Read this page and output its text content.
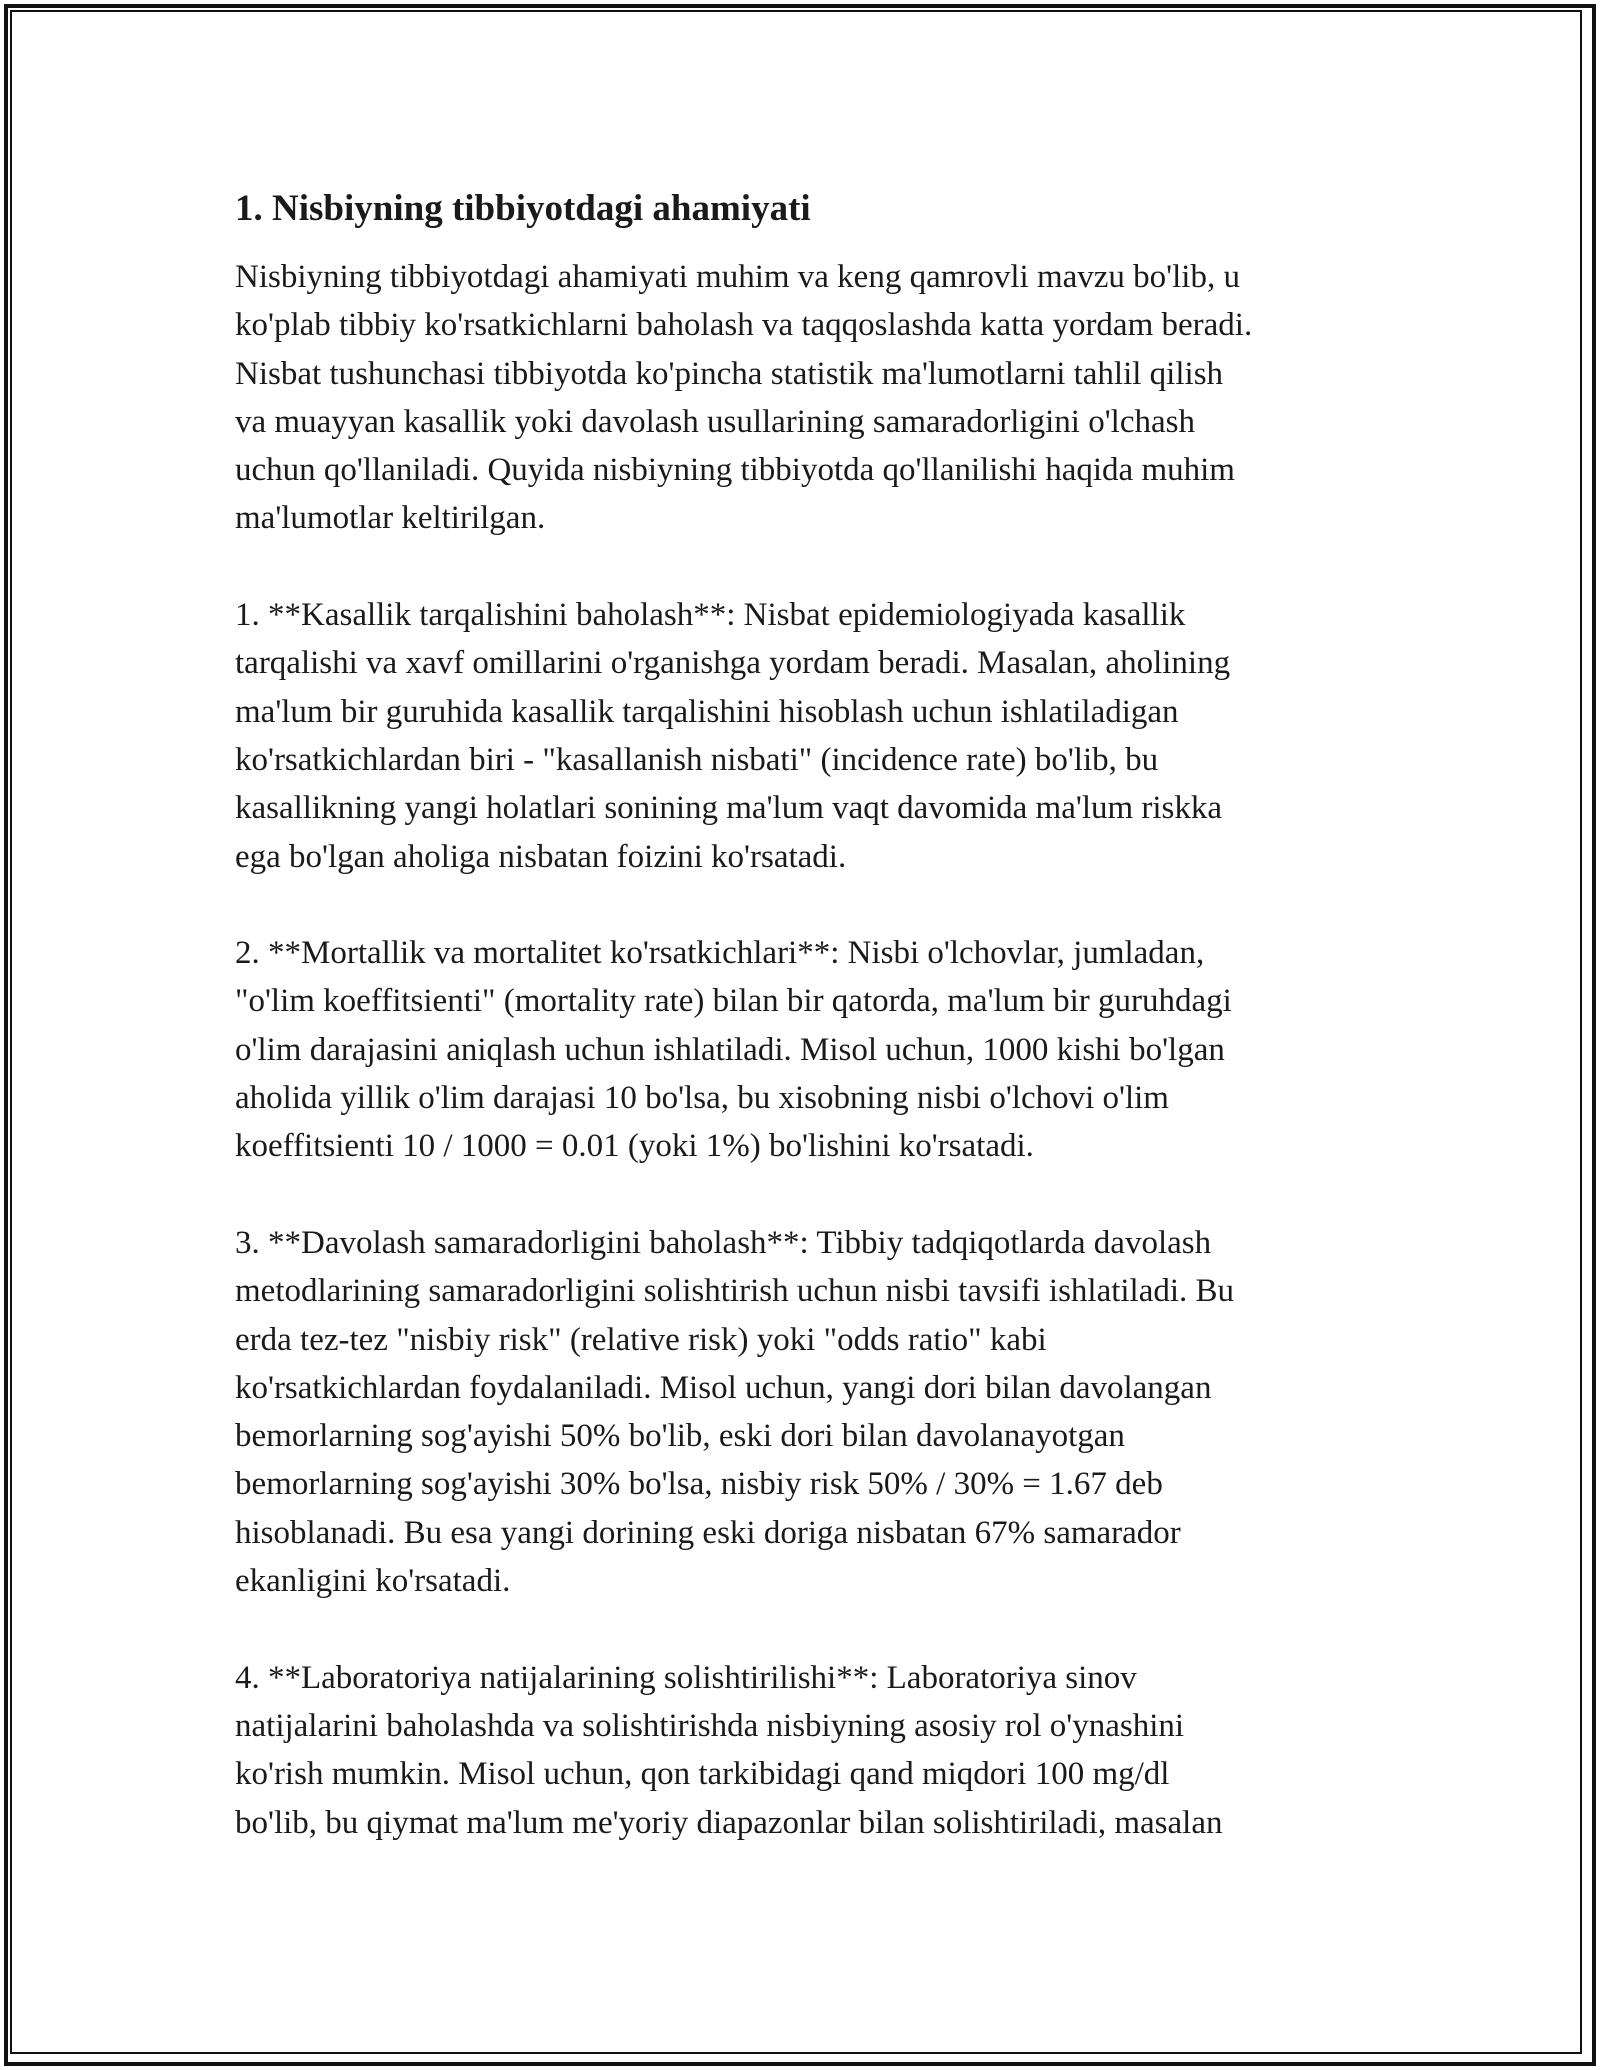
1. Nisbiyning tibbiyotdagi ahamiyati
Nisbiyning tibbiyotdagi ahamiyati muhim va keng qamrovli mavzu bo'lib, u
ko'plab tibbiy ko'rsatkichlarni baholash va taqqoslashda katta yordam beradi.
Nisbat tushunchasi tibbiyotda ko'pincha statistik ma'lumotlarni tahlil qilish
va muayyan kasallik yoki davolash usullarining samaradorligini o'lchash
uchun qo'llaniladi. Quyida nisbiyning tibbiyotda qo'llanilishi haqida muhim
ma'lumotlar keltirilgan.
1. **Kasallik tarqalishini baholash**: Nisbat epidemiologiyada kasallik
tarqalishi va xavf omillarini o'rganishga yordam beradi. Masalan, aholining
ma'lum bir guruhida kasallik tarqalishini hisoblash uchun ishlatiladigan
ko'rsatkichlardan biri - "kasallanish nisbati" (incidence rate) bo'lib, bu
kasallikning yangi holatlari sonining ma'lum vaqt davomida ma'lum riskka
ega bo'lgan aholiga nisbatan foizini ko'rsatadi.
2. **Mortallik va mortalitet ko'rsatkichlari**: Nisbi o'lchovlar, jumladan,
"o'lim koeffitsienti" (mortality rate) bilan bir qatorda, ma'lum bir guruhdagi
o'lim darajasini aniqlash uchun ishlatiladi. Misol uchun, 1000 kishi bo'lgan
aholida yillik o'lim darajasi 10 bo'lsa, bu xisobning nisbi o'lchovi o'lim
koeffitsienti 10 / 1000 = 0.01 (yoki 1%) bo'lishini ko'rsatadi.
3. **Davolash samaradorligini baholash**: Tibbiy tadqiqotlarda davolash
metodlarining samaradorligini solishtirish uchun nisbi tavsifi ishlatiladi. Bu
erda tez-tez "nisbiy risk" (relative risk) yoki "odds ratio" kabi
ko'rsatkichlardan foydalaniladi. Misol uchun, yangi dori bilan davolangan
bemorlarning sog'ayishi 50% bo'lib, eski dori bilan davolanayotgan
bemorlarning sog'ayishi 30% bo'lsa, nisbiy risk 50% / 30% = 1.67 deb
hisoblanadi. Bu esa yangi dorining eski doriga nisbatan 67% samarador
ekanligini ko'rsatadi.
4. **Laboratoriya natijalarining solishtirilishi**: Laboratoriya sinov
natijalarini baholashda va solishtirishda nisbiyning asosiy rol o'ynashini
ko'rish mumkin. Misol uchun, qon tarkibidagi qand miqdori 100 mg/dl
bo'lib, bu qiymat ma'lum me'yoriy diapazonlar bilan solishtiriladi, masalan
